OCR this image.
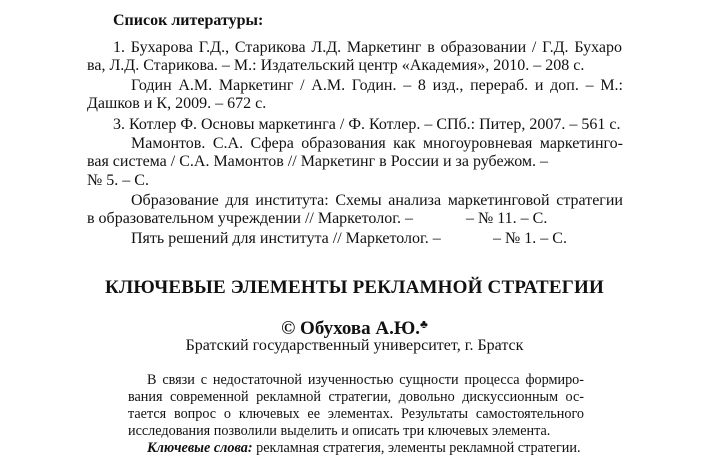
Список литературы:
1. Бухарова Г.Д., Старикова Л.Д. Маркетинг в образовании / Г.Д. Бухаро
ва, Л.Д. Старикова. – М.: Издательский центр «Академия», 2010. – 208 с.
Годин А.М. Маркетинг / А.М. Годин. – 8 изд., перераб. и доп. – М.:
Дашков и К, 2009. – 672 с.
3. Котлер Ф. Основы маркетинга / Ф. Котлер. – СПб.: Питер, 2007. – 561 с.
Мамонтов. С.А. Сфера образования как многоуровневая маркетинго-
вая система / С.А. Мамонтов // Маркетинг в России и за рубежом. –
№ 5. – С.
Образование для института: Схемы анализа маркетинговой стратегии
в образовательном учреждении // Маркетолог. –	– № 11. – С.
Пять решений для института // Маркетолог. –	– № 1. – С.
КЛЮЧЕВЫЕ ЭЛЕМЕНТЫ РЕКЛАМНОЙ СТРАТЕГИИ
© Обухова А.Ю.♣
Братский государственный университет, г. Братск
В связи с недостаточной изученностью сущности процесса формиро-
вания современной рекламной стратегии, довольно дискуссионным ос-
тается вопрос о ключевых ее элементах. Результаты самостоятельного
исследования позволили выделить и описать три ключевых элемента.
Ключевые слова: рекламная стратегия, элементы рекламной стратегии.
